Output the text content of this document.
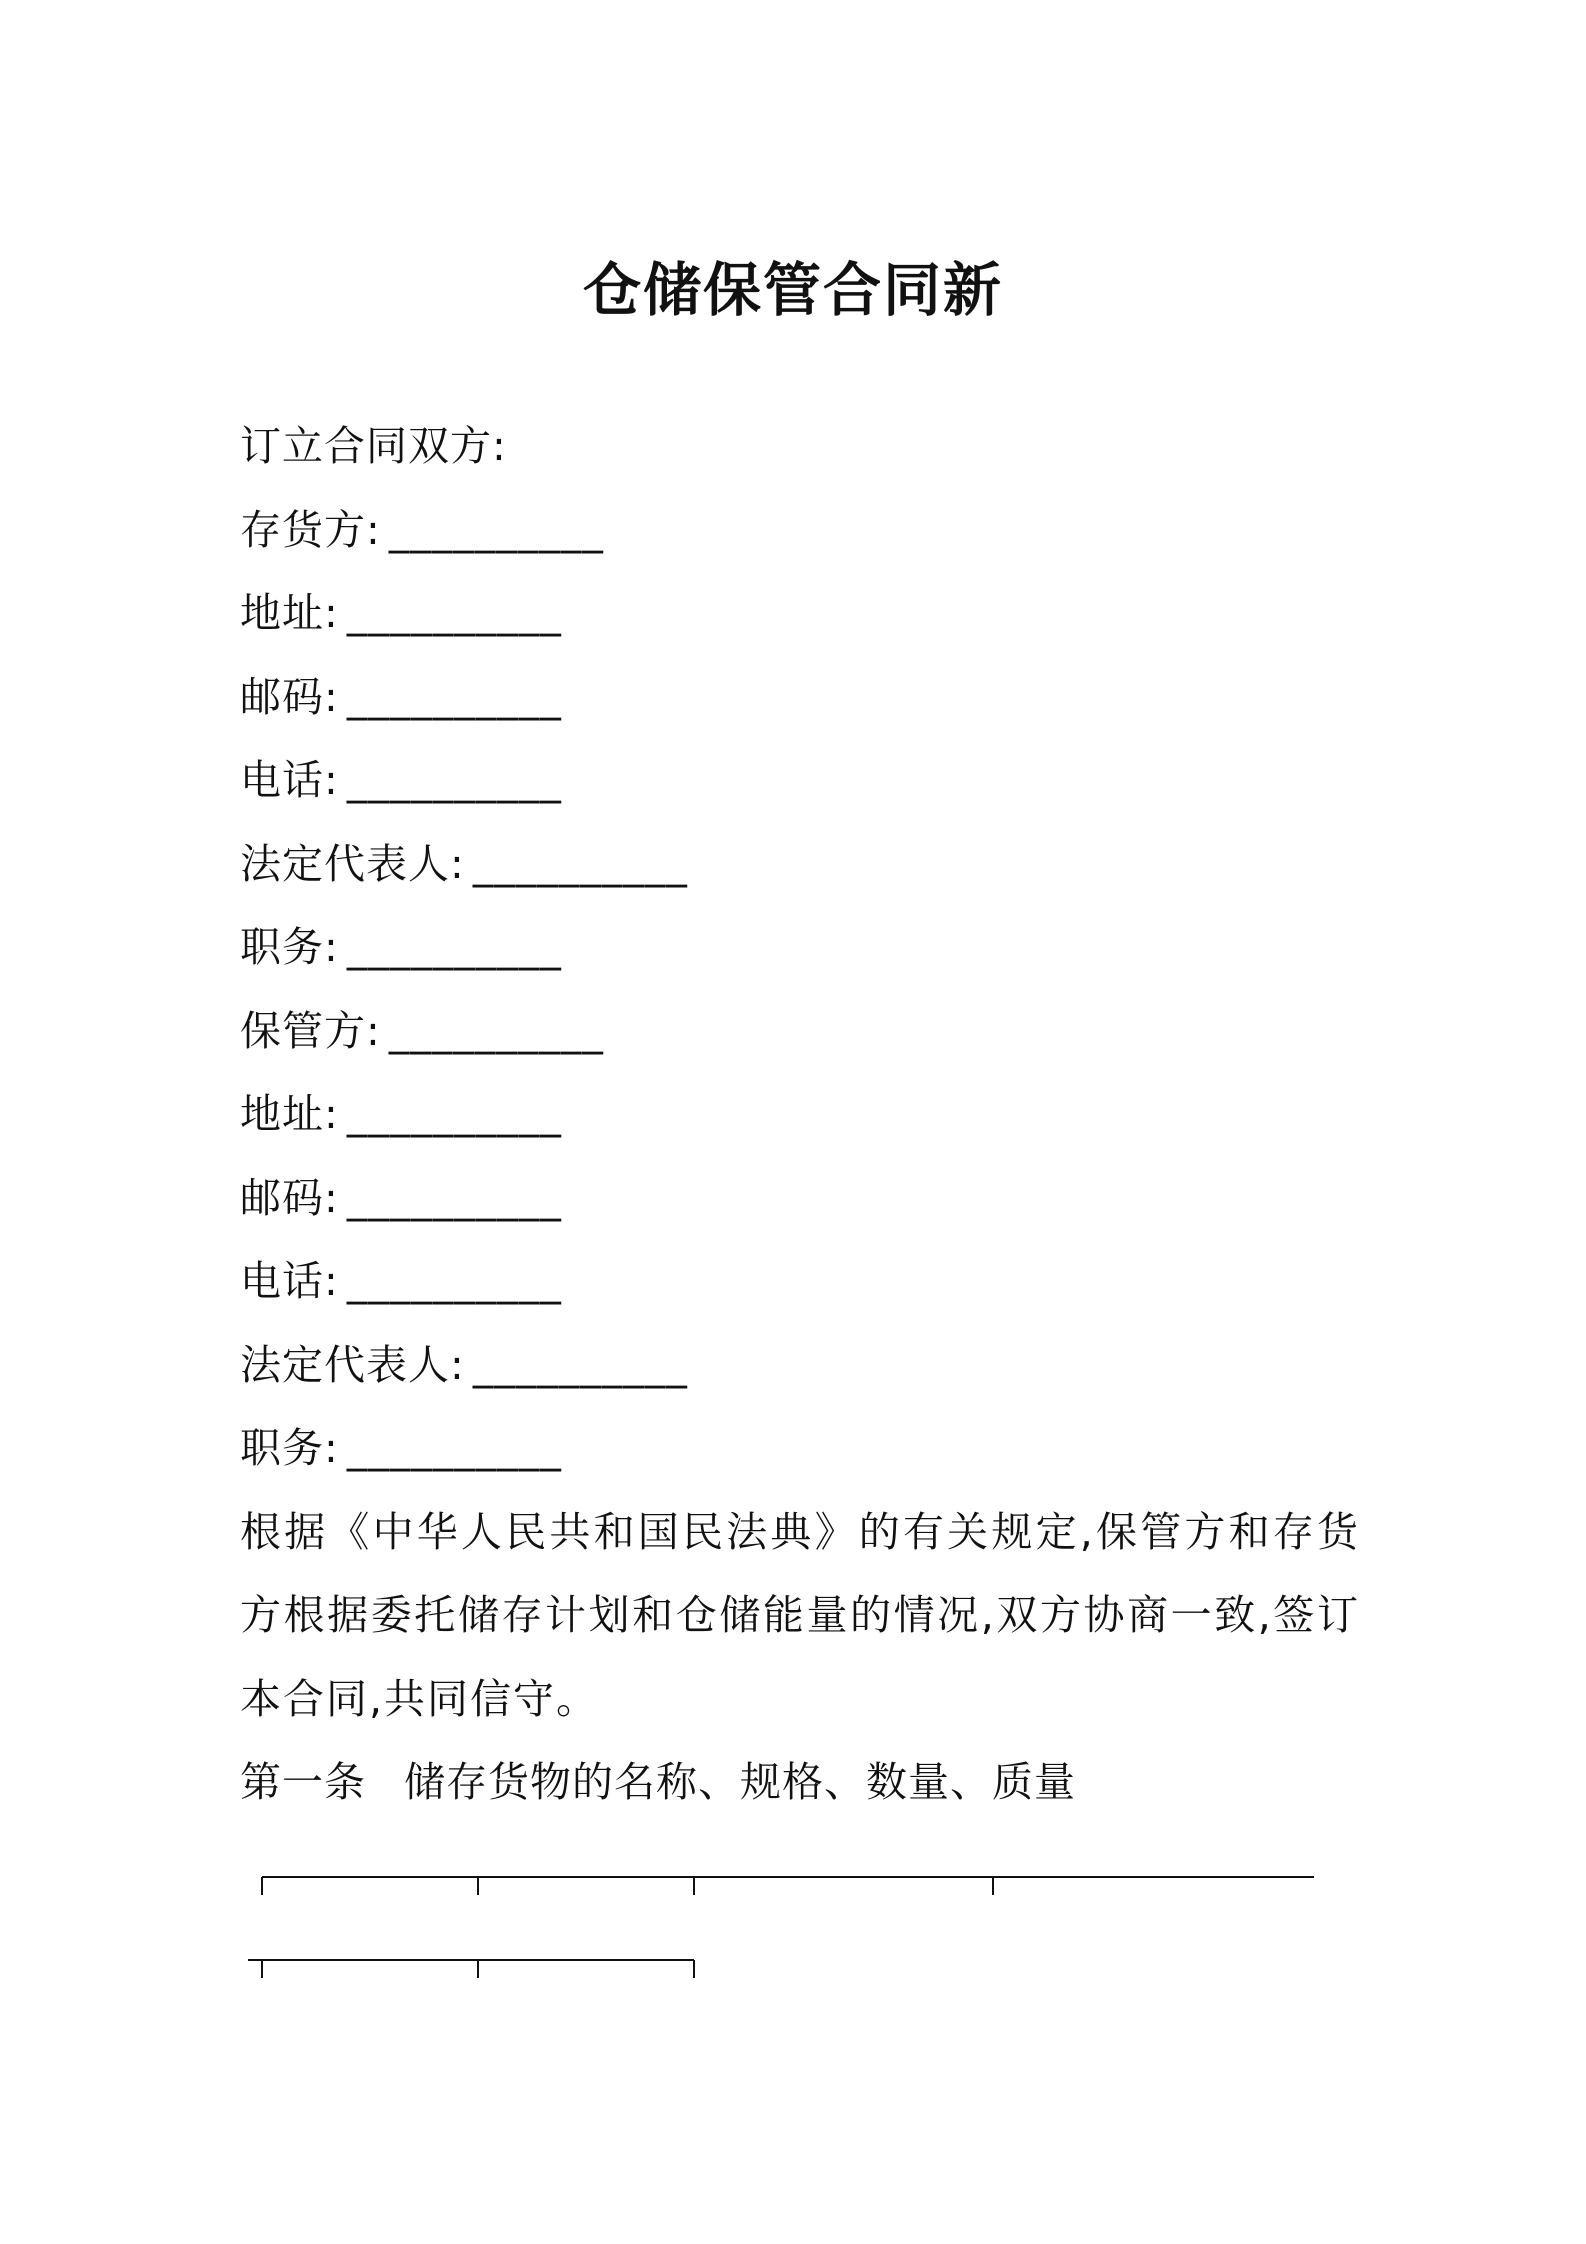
仓储保管合同新
订立合同双方:
存货方: __________
地址: __________
邮码: __________
电话: __________
法定代表人: __________
职务: __________
保管方: __________
地址: __________
邮码: __________
电话: __________
法定代表人: __________
职务: __________
根据《中华人民共和国民法典》的有关规定,保管方和存货方根据委托储存计划和仓储能量的情况,双方协商一致,签订本合同,共同信守。
第一条 储存货物的名称、规格、数量、质量
